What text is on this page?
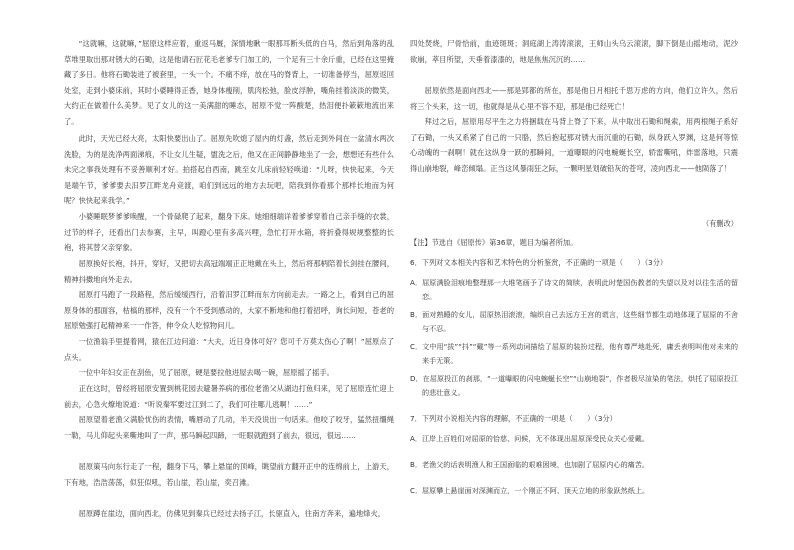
“这就嘛，这就嘛，”屈原这样应着，重返马厩，深情地瞅一眼那耳断头低的白马，然后到角落的乱草堆里取出那对锈大的石锄，这是他请石匠花毛老爹专门加工的，一个足有三十余斤重，已经在这里掩藏了多日。他将石锄装进了被套里，一头一个。不痛不痒，放在马的脊背上，一切准备停当，屈原返回处室，走到小婆床前，其时小婆睡得正香，她身体瘦削，肌肉松弛，脸皮浮肿，嘴角挂着淡淡的微笑，大约正在做着什么美梦。见了女儿的这一美满甜的睡态，屈原不觉一阵酸楚，热泪便扑簌簌地流出来了。

此时，天光已经大亮，太阳快要出山了。屈原先吹熄了屋内的灯盏，然后走到外间在一盆清水两次洗脸，为的是洗净两面涕痕，不让女儿生疑，盥洗之后，他又在正间静静地坐了一会，想想还有些什么未完之事我处理有不妥善顺利才好。拍搭起自西南，跳至女儿床前轻轻唤道：“儿呀，快快起来，今天是端午节，爹爹要去汨罗江畔龙舟竞渡，咱们到远远的地方去玩吧，陪我到你看那个那样长地而为何呢？快快起来我学。”

小婆睡眠梦爹爹唤醒，一个骨碌爬了起来，翻身下床。她细细端详着爹爹穿着自己亲手缝的衣裳，过节的样子，还看出门去参赛，主早，叫蹬心里有多高兴哩，急忙打开水箱，将折叠得规规整整的长袍，将其替父亲穿象。

屈原换好长袍，抖开，穿好，又把切去高冠端端正正地戴在头上，然后将那柄陪着长剑挂在腰间，精神抖擞地向外走去。

屈原打马跑了一段路程，然后缓缓西行，沿着汨罗江畔而东方向前走去。一路之上，看到自己的屈原身体的那面容，枯槁的那样，没有一个不受到感动的，大家不断地和他打着招呼，询长问短，苍老的屈原勉强打起精神来一一作答，伸令众人吃惊物问儿。

一位渔翁手里提着网，猿在江边问道：“大夫，近日身体可好？您可千万莫太伤心了啊！”屈原点了点头。

一位中年妇女正在刮鱼，见了屈原，硬是要拉他进屋去喝一碗，屈原摇了摇手。

正在这时，曾经将屈原安置到桃花园去避暑养病的那位老渔父从湖边打鱼归来，见了屈原连忙迎上前去，心急火燎地说道：“听说秦军要过江到二了，我们可往哪儿逃啊！……”

屈原望着老渔父满脸忧伤的表情，嘴唇动了几动，半天没说出一句话来。他咬了咬牙，猛然扭缰绳一勒，马儿仰起头来嘶地叫了一声，那马瞬起四蹄，一旺眼就跑到了前去，很远，很远……

屈原策马向东行走了一程，翻身下马，攀上悬崖的顶峰，眺望前方翻开正中的连绵前上，上游天，下有地，浩浩荡荡，似狂似吼，若山崖，若山崖，奕召滩。

屈原蹲在崖边，面向西北，仿佛见到秦兵已经过去扬子江，长驱直入，往南方奔来，遍地烽火，

四处焚烧，尸骨恰前，血迹斑斑；洞庭湖上涛涛滚滚，王师山头乌云滚滚，脚下倒是山摇地动，泥沙欲崩，萃目所望，天垂着漆漆的，地是焦焦沉沉的……

屈原依然是面向西北——那是郢都的所在，那是他日月相托千思万虑的方向，他们立许久，然后将三个头来，这一切，他就得是从心里不容不迎，那是他已经死亡！

拜过之后，屈原用尽平生之力将捆载在马背上脊了下来，从中取出石锄和绳索，用两根绳子系好了石锄，一头又系紧了自己的一只胳，然后抱起那对锈大而沉重的石锄，纵身跃入罗渊，这是何等惊心动魄的一刹啊！就在这纵身一跃的那瞬间，一道曝眼的闪电蜿蜒长空，轿雷嘶吼，炸雷落地，只震得山崩地裂，峰峦倾塌。正当这风暴雨狂之际，一颗明星划破铅灰的苍穹，凌向西北——他陨落了！

（有删改）

【注】节选自《屈原传》第36章，题目为编者所加。

6．下列对文本相关内容和艺术特色的分析鉴赏，不正确的一项是（　　）（3分）

A．屈原满脸泪痕地整理那一大堆笔画予了诗文的简牍，表明此时楚国伤教者的失望以及对以往生活的留恋。

B．面对熟睡的女儿，屈原热泪滚滚，编织自己去远方王宫的谎言，这些细节都生动地体现了屈原的不舍与不忍。

C．文中用“拔”“抖”“戴”等一系列动词描绘了屈原的装扮过程，他有尊严地赴死，庸丢表明叫他对未来的来手无策。

D．在屈原投江的刹那，“一道曝眼的闪电蜿蜒长空”“山崩地裂”，作者极尽渲染的笔法，烘托了屈原投江的悲壮意义。

7．下列对小说相关内容的理解，不正确的一项是（　　）（3分）

A．江岸上百姓们对屈原的恰慈、问候，无不体现出屈原深受民众关心爱戴。

B．老渔父的话表明渔人和王国面临的艰难困境，也加剧了屈原内心的痛苦。

C．屈原攀上悬崖面对深渊而立，一个刚正不阿、顶天立地的形象跃然纸上。
